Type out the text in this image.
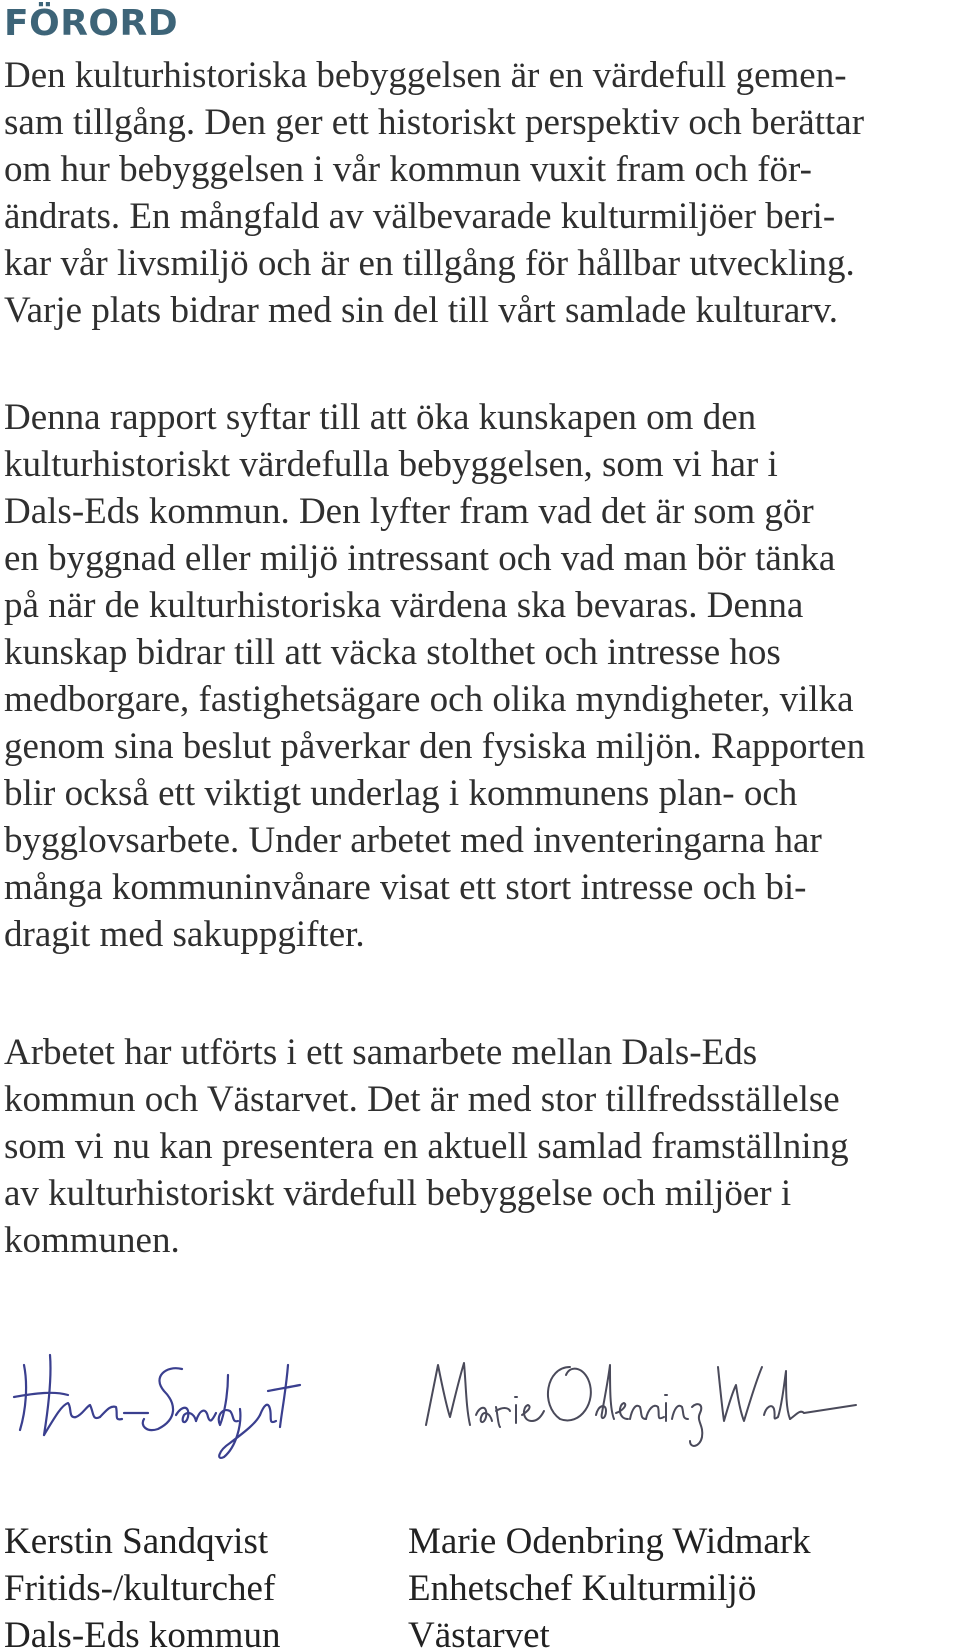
FÖRORD

Den kulturhistoriska bebyggelsen är en värdefull gemen-
sam tillgång. Den ger ett historiskt perspektiv och berättar
om hur bebyggelsen i vår kommun vuxit fram och för-
ändrats. En mångfald av välbevarade kulturmiljöer beri-
kar vår livsmiljö och är en tillgång för hållbar utveckling.
Varje plats bidrar med sin del till vårt samlade kulturarv.

Denna rapport syftar till att öka kunskapen om den
kulturhistoriskt värdefulla bebyggelsen, som vi har i
Dals-Eds kommun. Den lyfter fram vad det är som gör
en byggnad eller miljö intressant och vad man bör tänka
på när de kulturhistoriska värdena ska bevaras. Denna
kunskap bidrar till att väcka stolthet och intresse hos
medborgare, fastighetsägare och olika myndigheter, vilka
genom sina beslut påverkar den fysiska miljön. Rapporten
blir också ett viktigt underlag i kommunens plan- och
bygglovsarbete. Under arbetet med inventeringarna har
många kommuninvånare visat ett stort intresse och bi-
dragit med sakuppgifter.

Arbetet har utförts i ett samarbete mellan Dals-Eds
kommun och Västarvet. Det är med stor tillfredsställelse
som vi nu kan presentera en aktuell samlad framställning
av kulturhistoriskt värdefull bebyggelse och miljöer i
kommunen.

Kerstin Sandqvist
Fritids-/kulturchef
Dals-Eds kommun
Marie Odenbring Widmark
Enhetschef Kulturmiljö
Västarvet
